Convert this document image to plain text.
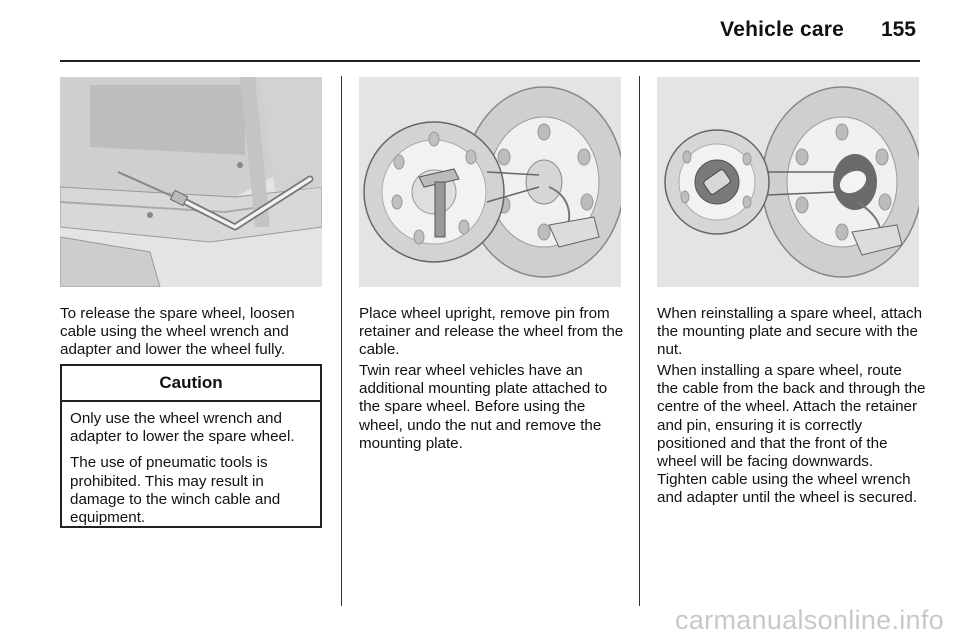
Vehicle care 155

To release the spare wheel, loosen cable using the wheel wrench and adapter and lower the wheel fully.

Caution

Only use the wheel wrench and adapter to lower the spare wheel.

The use of pneumatic tools is prohibited. This may result in damage to the winch cable and equipment.

Place wheel upright, remove pin from retainer and release the wheel from the cable.

Twin rear wheel vehicles have an additional mounting plate attached to the spare wheel. Before using the wheel, undo the nut and remove the mounting plate.

When reinstalling a spare wheel, attach the mounting plate and secure with the nut.

When installing a spare wheel, route the cable from the back and through the centre of the wheel. Attach the retainer and pin, ensuring it is correctly positioned and that the front of the wheel will be facing downwards. Tighten cable using the wheel wrench and adapter until the wheel is secured.

carmanualsonline.info
